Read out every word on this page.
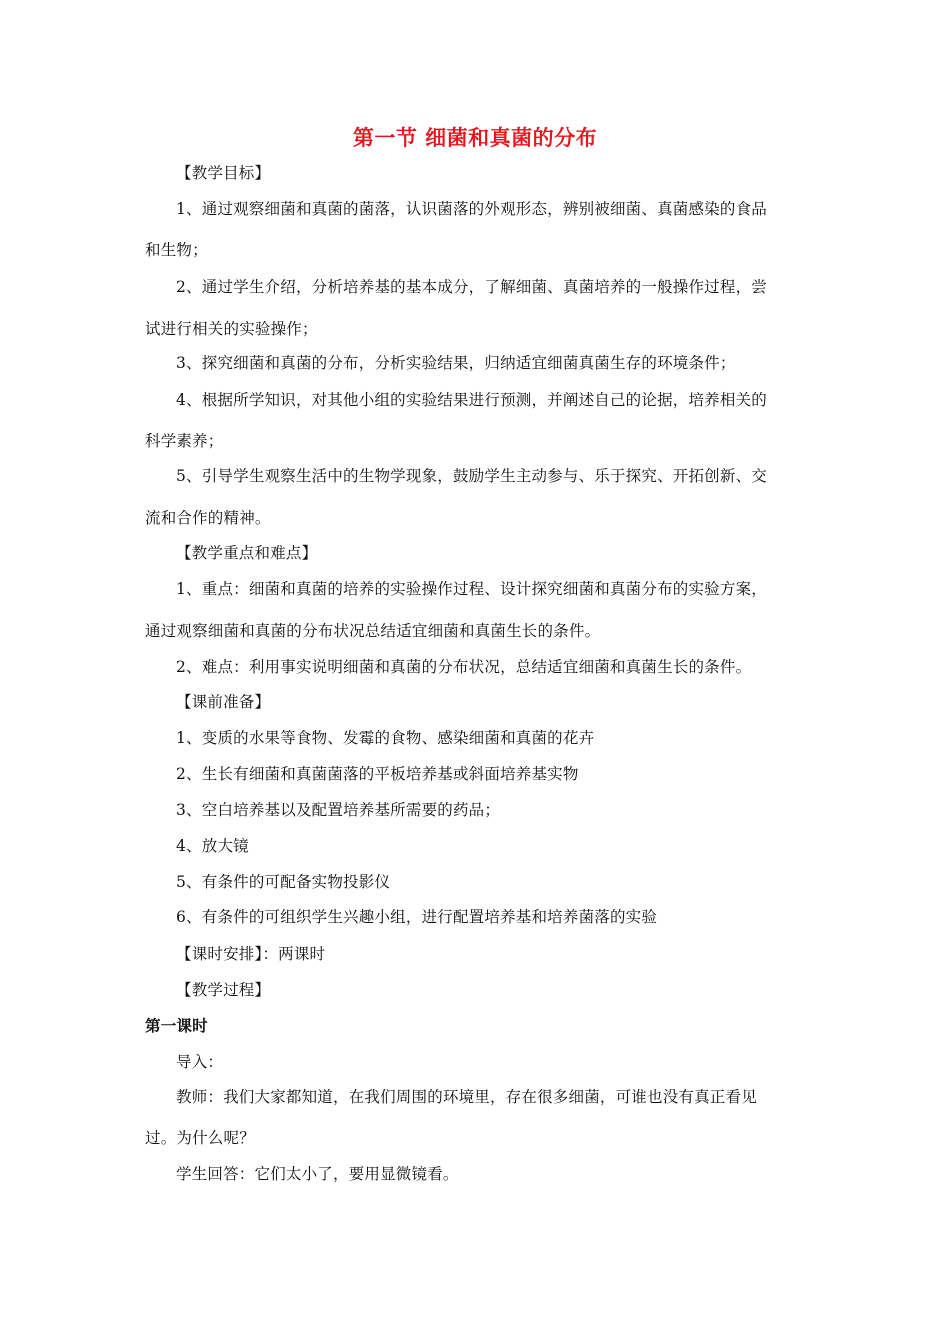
第一节 细菌和真菌的分布
【教学目标】
1、通过观察细菌和真菌的菌落，认识菌落的外观形态，辨别被细菌、真菌感染的食品
和生物；
2、通过学生介绍，分析培养基的基本成分，了解细菌、真菌培养的一般操作过程，尝
试进行相关的实验操作；
3、探究细菌和真菌的分布，分析实验结果，归纳适宜细菌真菌生存的环境条件；
4、根据所学知识，对其他小组的实验结果进行预测，并阐述自己的论据，培养相关的
科学素养；
5、引导学生观察生活中的生物学现象，鼓励学生主动参与、乐于探究、开拓创新、交
流和合作的精神。
【教学重点和难点】
1、重点：细菌和真菌的培养的实验操作过程、设计探究细菌和真菌分布的实验方案，
通过观察细菌和真菌的分布状况总结适宜细菌和真菌生长的条件。
2、难点：利用事实说明细菌和真菌的分布状况，总结适宜细菌和真菌生长的条件。
【课前准备】
1、变质的水果等食物、发霉的食物、感染细菌和真菌的花卉
2、生长有细菌和真菌菌落的平板培养基或斜面培养基实物
3、空白培养基以及配置培养基所需要的药品；
4、放大镜
5、有条件的可配备实物投影仪
6、有条件的可组织学生兴趣小组，进行配置培养基和培养菌落的实验
【课时安排】：两课时
【教学过程】
第一课时
导入：
教师：我们大家都知道，在我们周围的环境里，存在很多细菌，可谁也没有真正看见
过。为什么呢？
学生回答：它们太小了，要用显微镜看。
